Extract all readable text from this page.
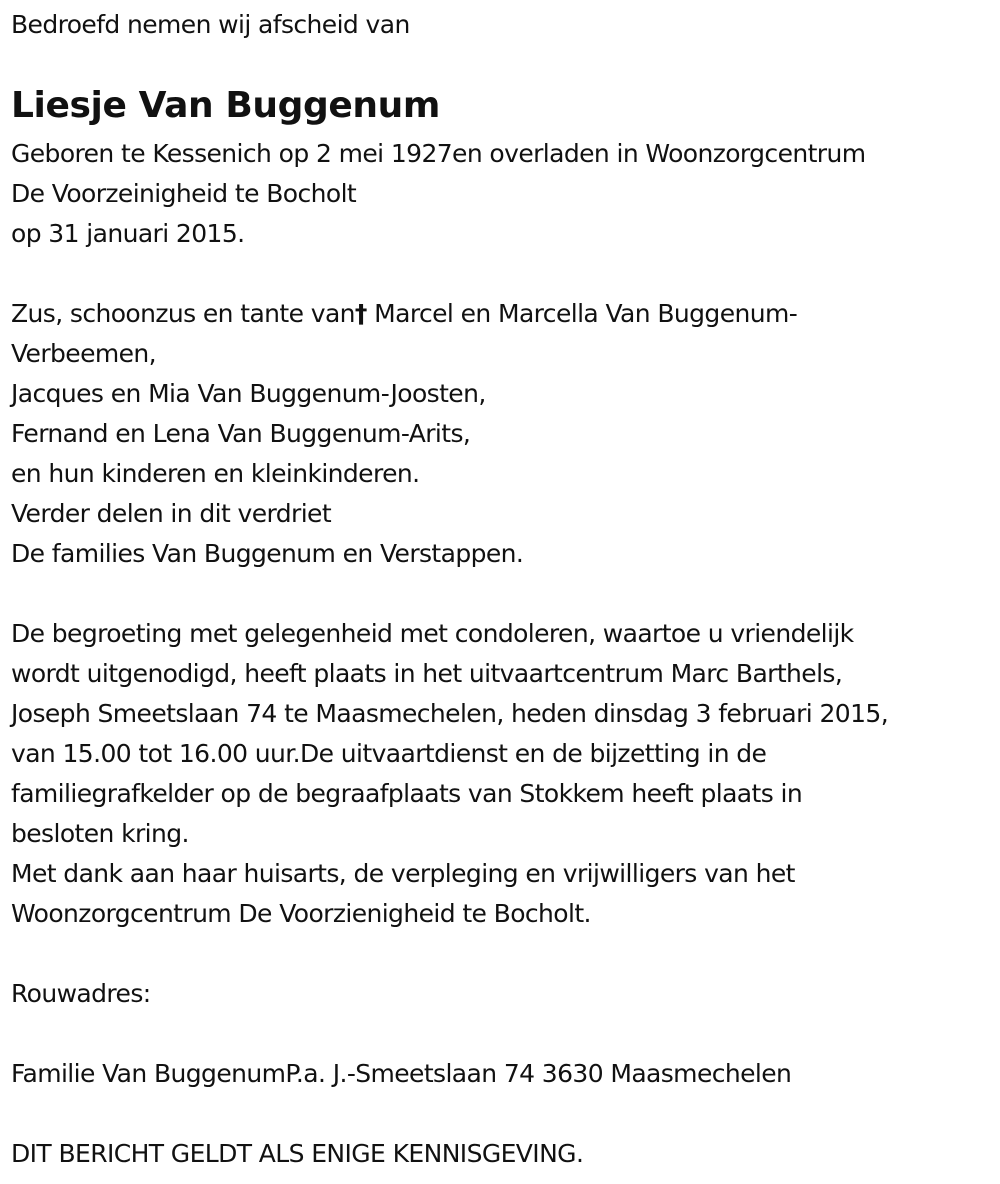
Bedroefd nemen wij afscheid van
Liesje Van Buggenum
Geboren te Kessenich op 2 mei 1927en overladen in Woonzorgcentrum
De Voorzeinigheid te Bocholt
op 31 januari 2015.
Zus, schoonzus en tante van† Marcel en Marcella Van Buggenum-
Verbeemen,
Jacques en Mia Van Buggenum-Joosten,
Fernand en Lena Van Buggenum-Arits,
en hun kinderen en kleinkinderen.
Verder delen in dit verdriet
De families Van Buggenum en Verstappen.
De begroeting met gelegenheid met condoleren, waartoe u vriendelijk
wordt uitgenodigd, heeft plaats in het uitvaartcentrum Marc Barthels,
Joseph Smeetslaan 74 te Maasmechelen, heden dinsdag 3 februari 2015,
van 15.00 tot 16.00 uur.De uitvaartdienst en de bijzetting in de
familiegrafkelder op de begraafplaats van Stokkem heeft plaats in
besloten kring.
Met dank aan haar huisarts, de verpleging en vrijwilligers van het
Woonzorgcentrum De Voorzienigheid te Bocholt.
Rouwadres:
Familie Van BuggenumP.a. J.-Smeetslaan 74 3630 Maasmechelen
DIT BERICHT GELDT ALS ENIGE KENNISGEVING.
